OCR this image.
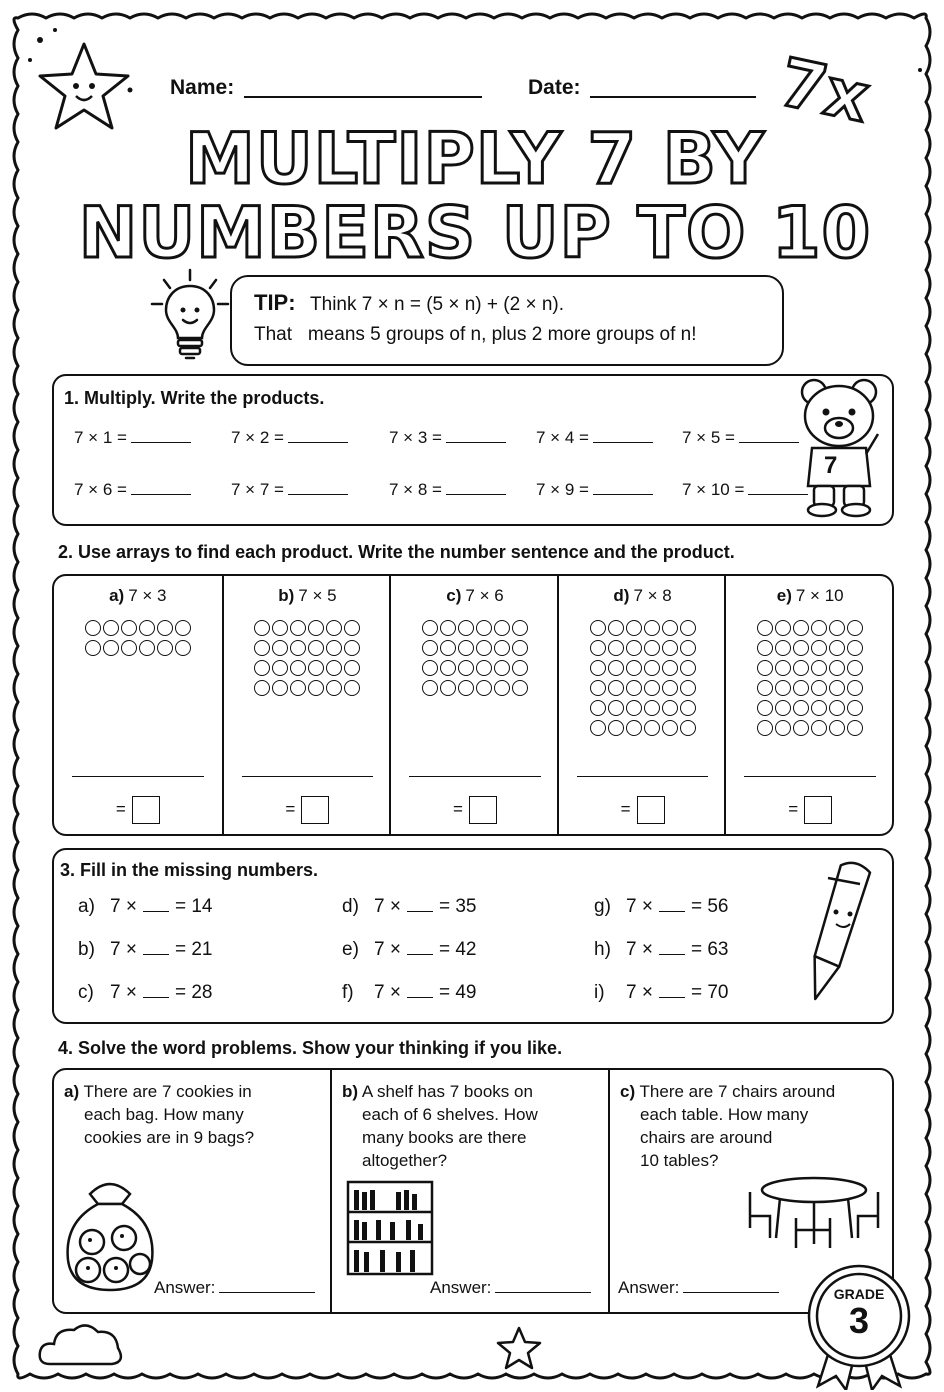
Name:	Date:	7x
MULTIPLY 7 BY
NUMBERS UP TO 10
TIP: Think 7 × n = (5 × n) + (2 × n).
That   means 5 groups of n, plus 2 more groups of n!
1. Multiply. Write the products.
7 × 1 =	7 × 2 =	7 × 3 =	7 × 4 =	7 × 5 =
7 × 6 =	7 × 7 =	7 × 8 =	7 × 9 =	7 × 10 =
7
2. Use arrays to find each product. Write the number sentence and the product.
a) 7 × 3
=
b) 7 × 5
=
c) 7 × 6
=
d) 7 × 8
=
e) 7 × 10
=
3. Fill in the missing numbers.
a) 7 × = 14
b) 7 × = 21
c) 7 × = 28
d) 7 × = 35
e) 7 × = 42
f) 7 × = 49
g) 7 × = 56
h) 7 × = 63
i) 7 × = 70
4. Solve the word problems. Show your thinking if you like.
a) There are 7 cookies in
each bag. How many
cookies are in 9 bags?
Answer:
b) A shelf has 7 books on
each of 6 shelves. How
many books are there
altogether?
Answer:
c) There are 7 chairs around
each table. How many
chairs are around
10 tables?
Answer:	GRADE
3
